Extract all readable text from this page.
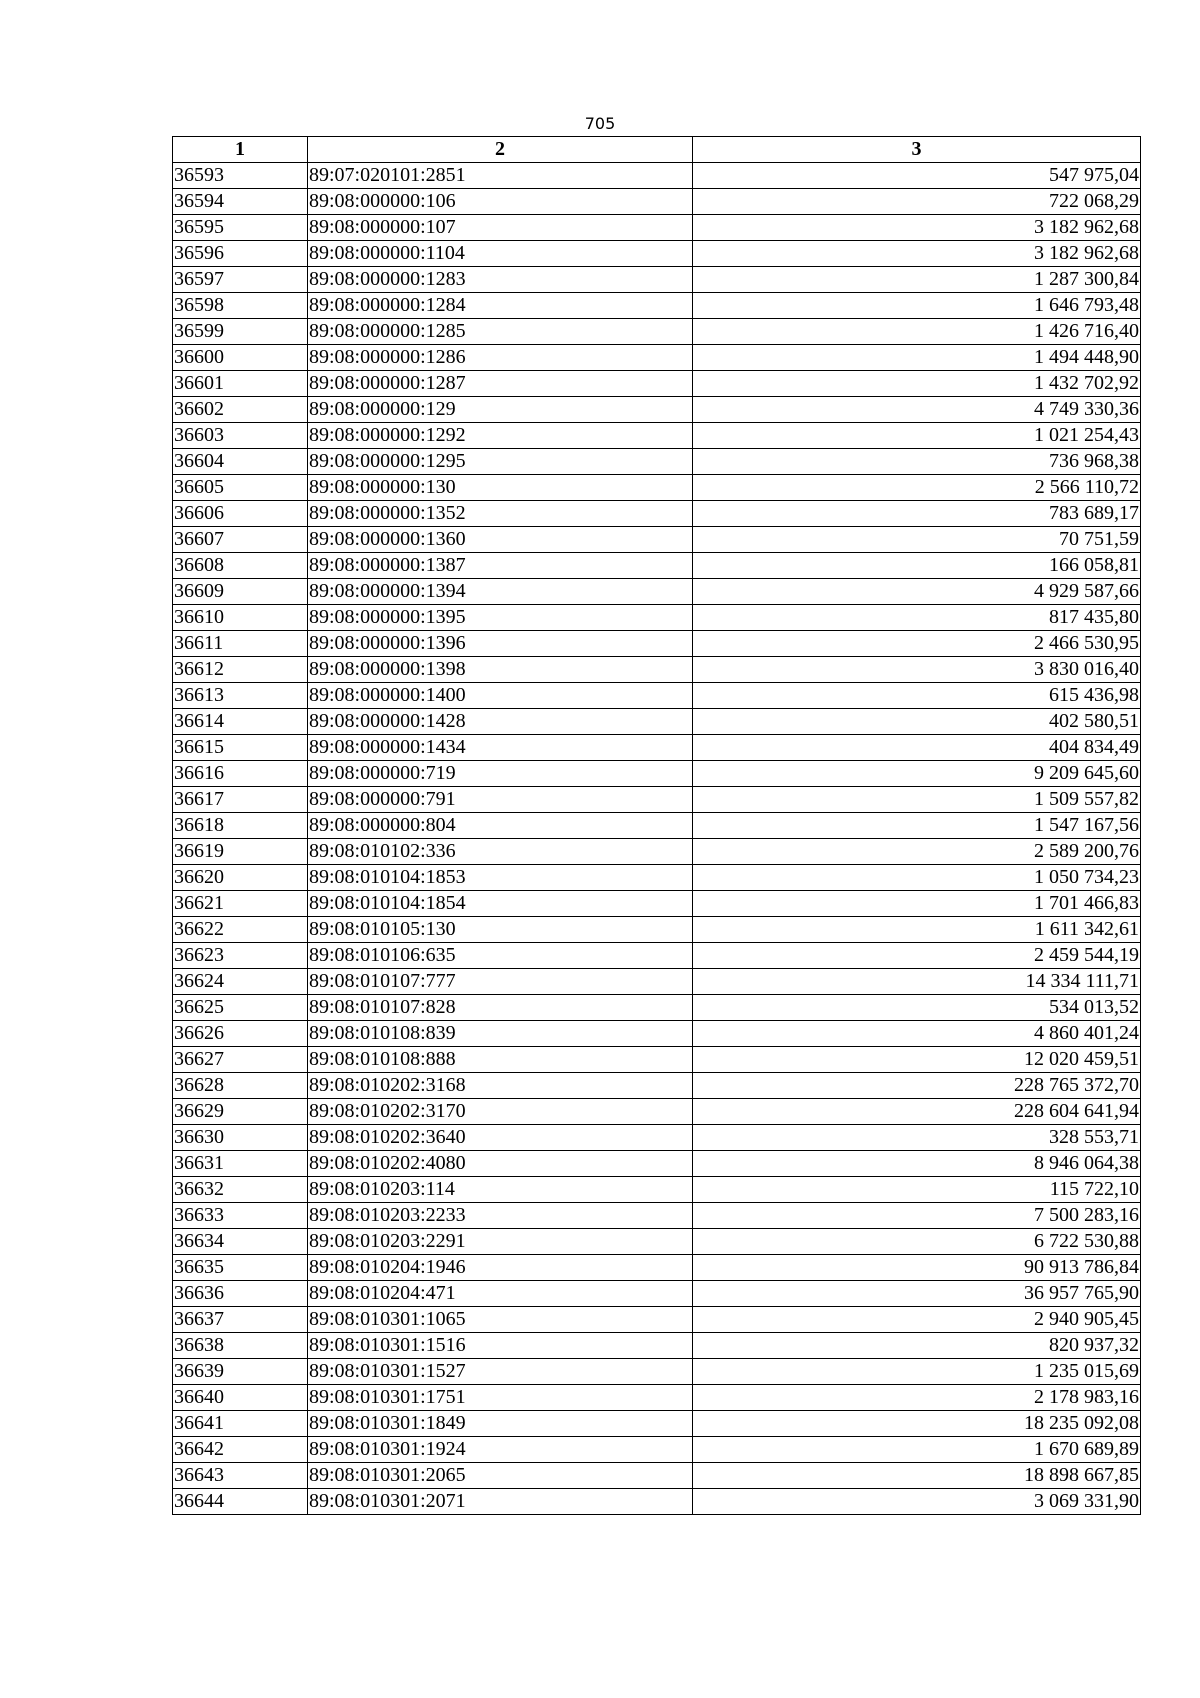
705
1	2	3
36593	89:07:020101:2851	547 975,04
36594	89:08:000000:106	722 068,29
36595	89:08:000000:107	3 182 962,68
36596	89:08:000000:1104	3 182 962,68
36597	89:08:000000:1283	1 287 300,84
36598	89:08:000000:1284	1 646 793,48
36599	89:08:000000:1285	1 426 716,40
36600	89:08:000000:1286	1 494 448,90
36601	89:08:000000:1287	1 432 702,92
36602	89:08:000000:129	4 749 330,36
36603	89:08:000000:1292	1 021 254,43
36604	89:08:000000:1295	736 968,38
36605	89:08:000000:130	2 566 110,72
36606	89:08:000000:1352	783 689,17
36607	89:08:000000:1360	70 751,59
36608	89:08:000000:1387	166 058,81
36609	89:08:000000:1394	4 929 587,66
36610	89:08:000000:1395	817 435,80
36611	89:08:000000:1396	2 466 530,95
36612	89:08:000000:1398	3 830 016,40
36613	89:08:000000:1400	615 436,98
36614	89:08:000000:1428	402 580,51
36615	89:08:000000:1434	404 834,49
36616	89:08:000000:719	9 209 645,60
36617	89:08:000000:791	1 509 557,82
36618	89:08:000000:804	1 547 167,56
36619	89:08:010102:336	2 589 200,76
36620	89:08:010104:1853	1 050 734,23
36621	89:08:010104:1854	1 701 466,83
36622	89:08:010105:130	1 611 342,61
36623	89:08:010106:635	2 459 544,19
36624	89:08:010107:777	14 334 111,71
36625	89:08:010107:828	534 013,52
36626	89:08:010108:839	4 860 401,24
36627	89:08:010108:888	12 020 459,51
36628	89:08:010202:3168	228 765 372,70
36629	89:08:010202:3170	228 604 641,94
36630	89:08:010202:3640	328 553,71
36631	89:08:010202:4080	8 946 064,38
36632	89:08:010203:114	115 722,10
36633	89:08:010203:2233	7 500 283,16
36634	89:08:010203:2291	6 722 530,88
36635	89:08:010204:1946	90 913 786,84
36636	89:08:010204:471	36 957 765,90
36637	89:08:010301:1065	2 940 905,45
36638	89:08:010301:1516	820 937,32
36639	89:08:010301:1527	1 235 015,69
36640	89:08:010301:1751	2 178 983,16
36641	89:08:010301:1849	18 235 092,08
36642	89:08:010301:1924	1 670 689,89
36643	89:08:010301:2065	18 898 667,85
36644	89:08:010301:2071	3 069 331,90
